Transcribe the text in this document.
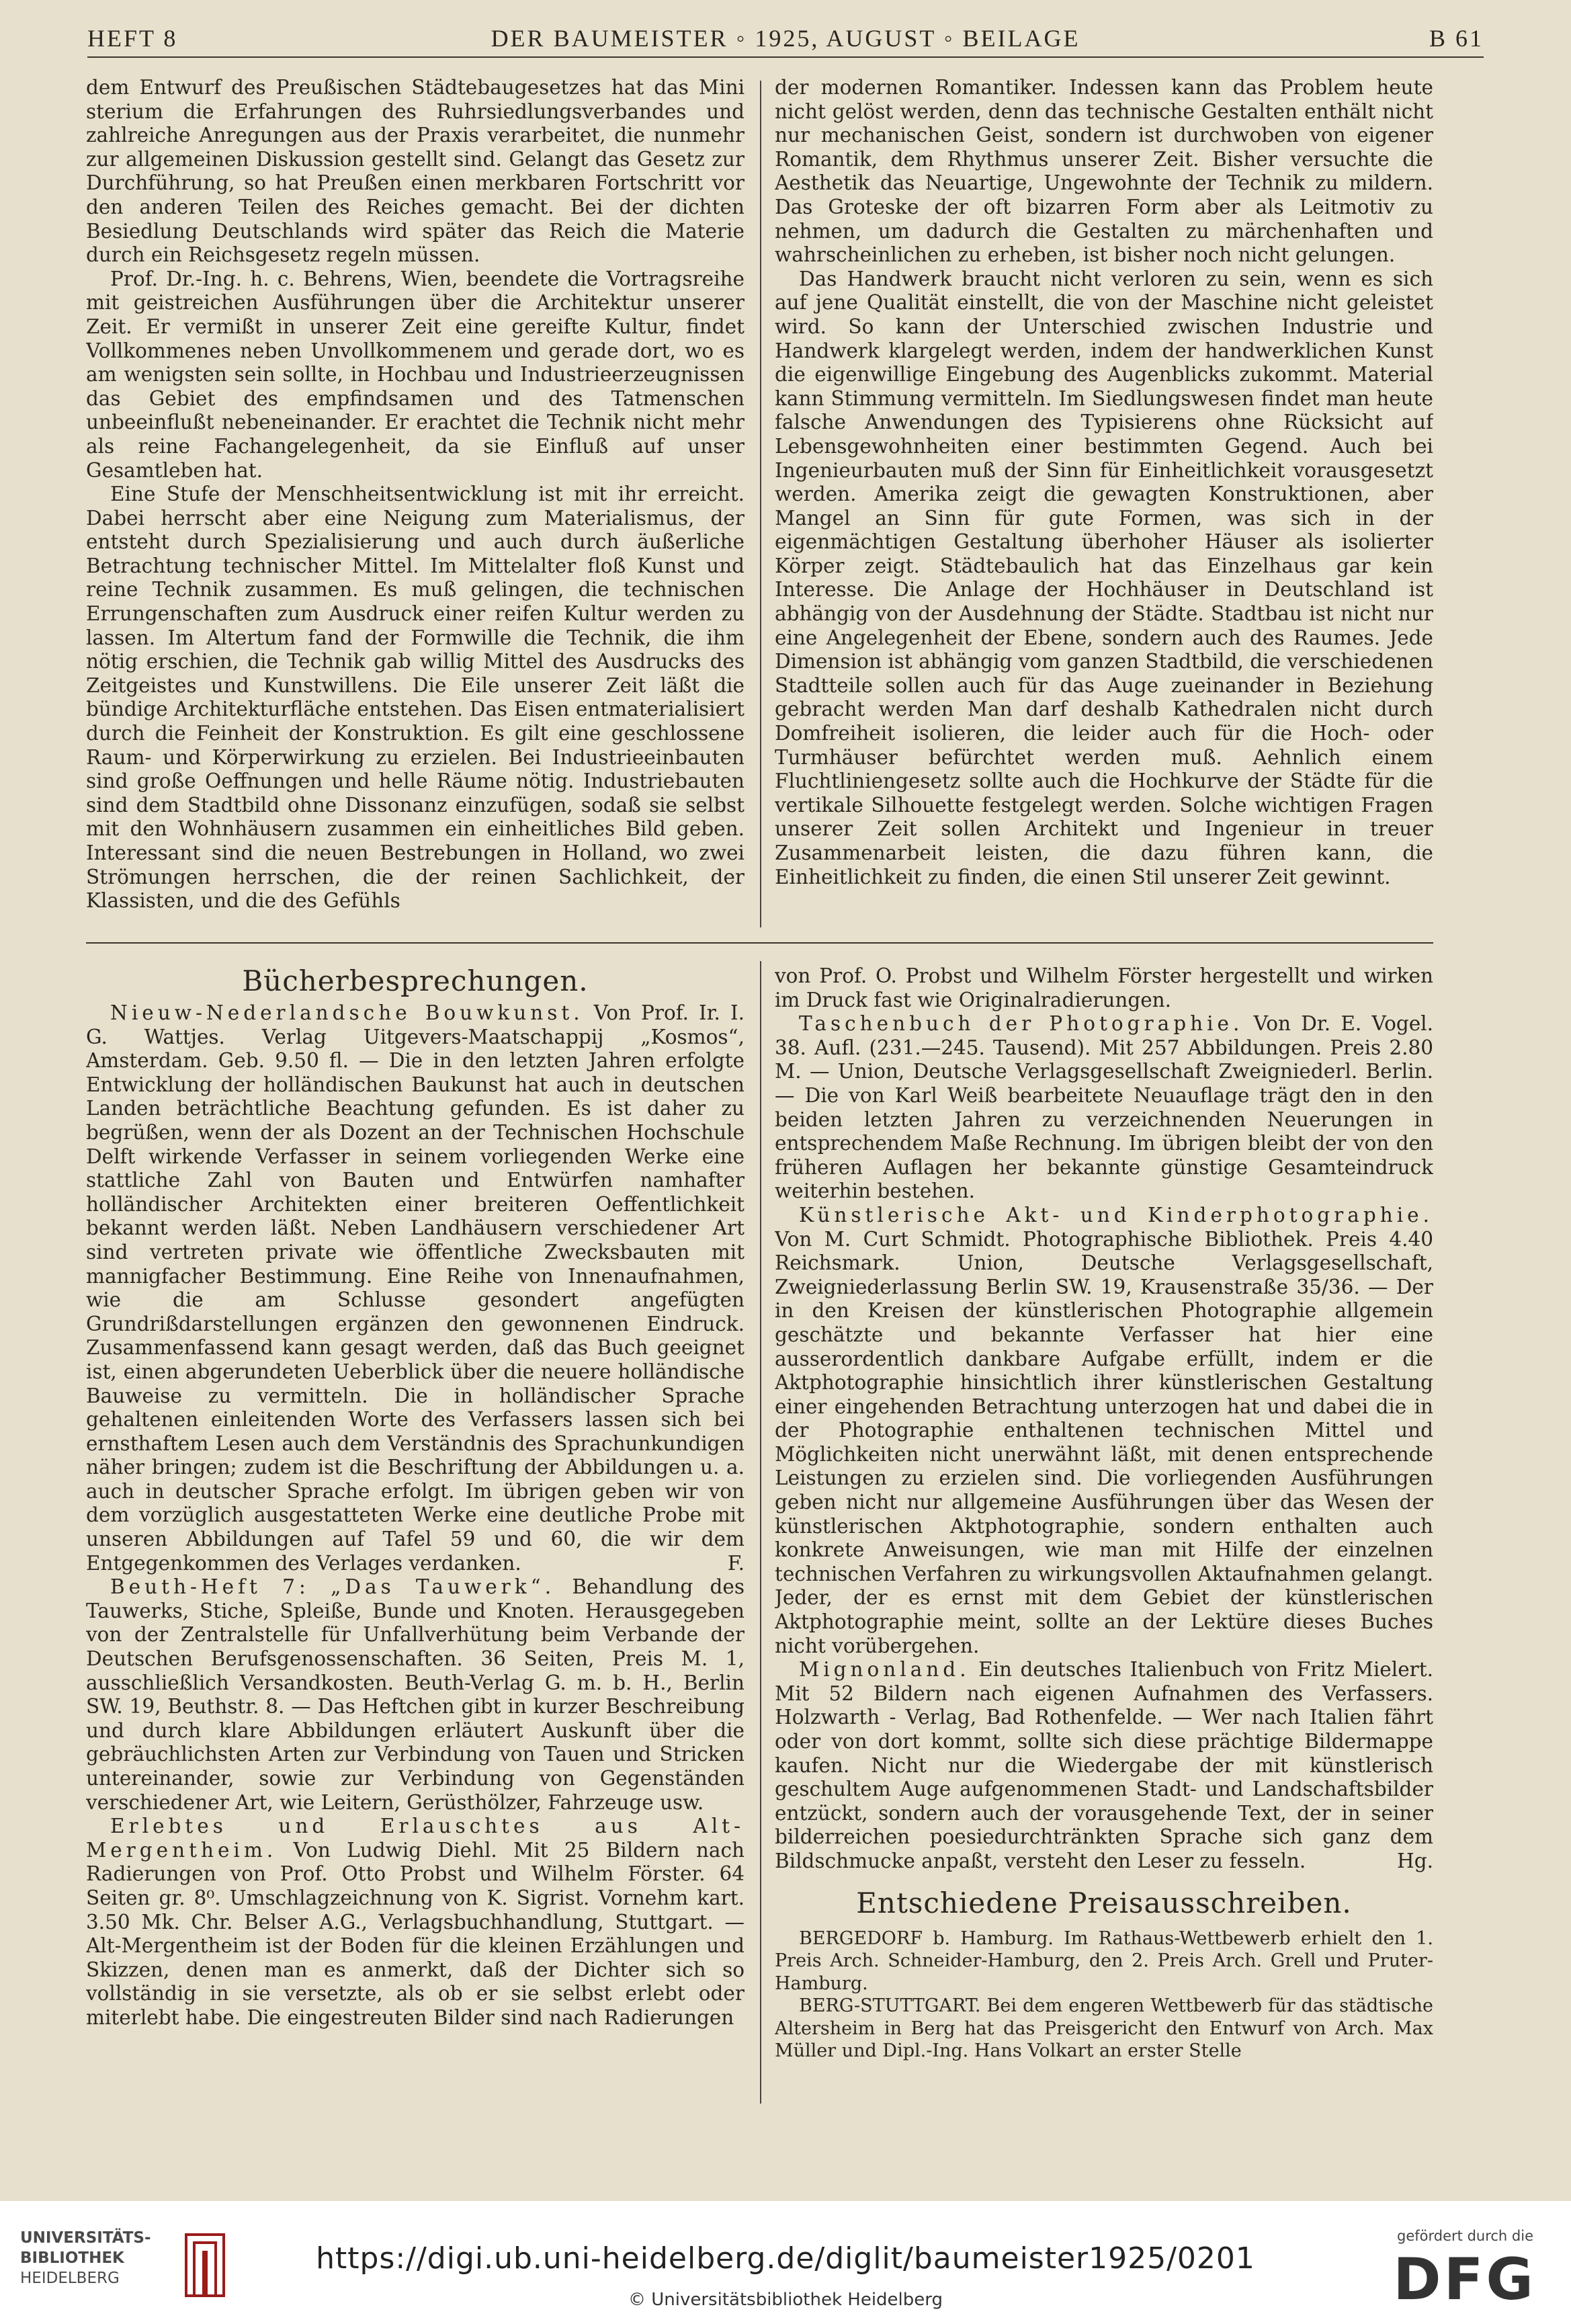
HEFT 8	DER BAUMEISTER ◦ 1925, AUGUST ◦ BEILAGE	B 61

dem Entwurf des Preußischen Städtebaugesetzes hat das Mini sterium die Erfahrungen des Ruhrsiedlungsverbandes und zahlreiche Anregungen aus der Praxis verarbeitet, die nunmehr zur allgemeinen Diskussion gestellt sind. Gelangt das Gesetz zur Durchführung, so hat Preußen einen merkbaren Fortschritt vor den anderen Teilen des Reiches gemacht. Bei der dichten Besiedlung Deutschlands wird später das Reich die Materie durch ein Reichsgesetz regeln müssen.

Prof. Dr.-Ing. h. c. Behrens, Wien, beendete die Vortragsreihe mit geistreichen Ausführungen über die Architektur unserer Zeit. Er vermißt in unserer Zeit eine gereifte Kultur, findet Vollkommenes neben Unvollkommenem und gerade dort, wo es am wenigsten sein sollte, in Hochbau und Industrieerzeugnissen das Gebiet des empfindsamen und des Tatmenschen unbeeinflußt nebeneinander. Er erachtet die Technik nicht mehr als reine Fachangelegenheit, da sie Einfluß auf unser Gesamtleben hat.

Eine Stufe der Menschheitsentwicklung ist mit ihr erreicht. Dabei herrscht aber eine Neigung zum Materialismus, der entsteht durch Spezialisierung und auch durch äußerliche Betrachtung technischer Mittel. Im Mittelalter floß Kunst und reine Technik zusammen. Es muß gelingen, die technischen Errungenschaften zum Ausdruck einer reifen Kultur werden zu lassen. Im Altertum fand der Formwille die Technik, die ihm nötig erschien, die Technik gab willig Mittel des Ausdrucks des Zeitgeistes und Kunstwillens. Die Eile unserer Zeit läßt die bündige Architekturfläche entstehen. Das Eisen entmaterialisiert durch die Feinheit der Konstruktion. Es gilt eine geschlossene Raum- und Körperwirkung zu erzielen. Bei Industrieeinbauten sind große Oeffnungen und helle Räume nötig. Industriebauten sind dem Stadtbild ohne Dissonanz einzufügen, sodaß sie selbst mit den Wohnhäusern zusammen ein einheitliches Bild geben. Interessant sind die neuen Bestrebungen in Holland, wo zwei Strömungen herrschen, die der reinen Sachlichkeit, der Klassisten, und die des Gefühls

der modernen Romantiker. Indessen kann das Problem heute nicht gelöst werden, denn das technische Gestalten enthält nicht nur mechanischen Geist, sondern ist durchwoben von eigener Romantik, dem Rhythmus unserer Zeit. Bisher versuchte die Aesthetik das Neuartige, Ungewohnte der Technik zu mildern. Das Groteske der oft bizarren Form aber als Leitmotiv zu nehmen, um dadurch die Gestalten zu märchenhaften und wahrscheinlichen zu erheben, ist bisher noch nicht gelungen.

Das Handwerk braucht nicht verloren zu sein, wenn es sich auf jene Qualität einstellt, die von der Maschine nicht geleistet wird. So kann der Unterschied zwischen Industrie und Handwerk klargelegt werden, indem der handwerklichen Kunst die eigenwillige Eingebung des Augenblicks zukommt. Material kann Stimmung vermitteln. Im Siedlungswesen findet man heute falsche Anwendungen des Typisierens ohne Rücksicht auf Lebensgewohnheiten einer bestimmten Gegend. Auch bei Ingenieurbauten muß der Sinn für Einheitlichkeit vorausgesetzt werden. Amerika zeigt die gewagten Konstruktionen, aber Mangel an Sinn für gute Formen, was sich in der eigenmächtigen Gestaltung überhoher Häuser als isolierter Körper zeigt. Städtebaulich hat das Einzelhaus gar kein Interesse. Die Anlage der Hochhäuser in Deutschland ist abhängig von der Ausdehnung der Städte. Stadtbau ist nicht nur eine Angelegenheit der Ebene, sondern auch des Raumes. Jede Dimension ist abhängig vom ganzen Stadtbild, die verschiedenen Stadtteile sollen auch für das Auge zueinander in Beziehung gebracht werden Man darf deshalb Kathedralen nicht durch Domfreiheit isolieren, die leider auch für die Hoch- oder Turmhäuser befürchtet werden muß. Aehnlich einem Fluchtliniengesetz sollte auch die Hochkurve der Städte für die vertikale Silhouette festgelegt werden. Solche wichtigen Fragen unserer Zeit sollen Architekt und Ingenieur in treuer Zusammenarbeit leisten, die dazu führen kann, die Einheitlichkeit zu finden, die einen Stil unserer Zeit gewinnt.

Bücherbesprechungen.

Nieuw-Nederlandsche Bouwkunst. Von Prof. Ir. I. G. Wattjes. Verlag Uitgevers-Maatschappij „Kosmos“, Amsterdam. Geb. 9.50 fl. — Die in den letzten Jahren erfolgte Entwicklung der holländischen Baukunst hat auch in deutschen Landen beträchtliche Beachtung gefunden. Es ist daher zu begrüßen, wenn der als Dozent an der Technischen Hochschule Delft wirkende Verfasser in seinem vorliegenden Werke eine stattliche Zahl von Bauten und Entwürfen namhafter holländischer Architekten einer breiteren Oeffentlichkeit bekannt werden läßt. Neben Landhäusern verschiedener Art sind vertreten private wie öffentliche Zwecksbauten mit mannigfacher Bestimmung. Eine Reihe von Innenaufnahmen, wie die am Schlusse gesondert angefügten Grundrißdarstellungen ergänzen den gewonnenen Eindruck. Zusammenfassend kann gesagt werden, daß das Buch geeignet ist, einen abgerundeten Ueberblick über die neuere holländische Bauweise zu vermitteln. Die in holländischer Sprache gehaltenen einleitenden Worte des Verfassers lassen sich bei ernsthaftem Lesen auch dem Verständnis des Sprachunkundigen näher bringen; zudem ist die Beschriftung der Abbildungen u. a. auch in deutscher Sprache erfolgt. Im übrigen geben wir von dem vorzüglich ausgestatteten Werke eine deutliche Probe mit unseren Abbildungen auf Tafel 59 und 60, die wir dem Entgegenkommen des Verlages verdanken.	F.

Beuth-Heft 7: „Das Tauwerk“. Behandlung des Tauwerks, Stiche, Spleiße, Bunde und Knoten. Herausgegeben von der Zentralstelle für Unfallverhütung beim Verbande der Deutschen Berufsgenossenschaften. 36 Seiten, Preis M. 1, ausschließlich Versandkosten. Beuth-Verlag G. m. b. H., Berlin SW. 19, Beuthstr. 8. — Das Heftchen gibt in kurzer Beschreibung und durch klare Abbildungen erläutert Auskunft über die gebräuchlichsten Arten zur Verbindung von Tauen und Stricken untereinander, sowie zur Verbindung von Gegenständen verschiedener Art, wie Leitern, Gerüsthölzer, Fahrzeuge usw.

Erlebtes und Erlauschtes aus Alt-Mergentheim. Von Ludwig Diehl. Mit 25 Bildern nach Radierungen von Prof. Otto Probst und Wilhelm Förster. 64 Seiten gr. 8⁰. Umschlagzeichnung von K. Sigrist. Vornehm kart. 3.50 Mk. Chr. Belser A.G., Verlagsbuchhandlung, Stuttgart. — Alt-Mergentheim ist der Boden für die kleinen Erzählungen und Skizzen, denen man es anmerkt, daß der Dichter sich so vollständig in sie versetzte, als ob er sie selbst erlebt oder miterlebt habe. Die eingestreuten Bilder sind nach Radierungen

von Prof. O. Probst und Wilhelm Förster hergestellt und wirken im Druck fast wie Originalradierungen.

Taschenbuch der Photographie. Von Dr. E. Vogel. 38. Aufl. (231.—245. Tausend). Mit 257 Abbildungen. Preis 2.80 M. — Union, Deutsche Verlagsgesellschaft Zweigniederl. Berlin. — Die von Karl Weiß bearbeitete Neuauflage trägt den in den beiden letzten Jahren zu verzeichnenden Neuerungen in entsprechendem Maße Rechnung. Im übrigen bleibt der von den früheren Auflagen her bekannte günstige Gesamteindruck weiterhin bestehen.

Künstlerische Akt- und Kinderphotographie. Von M. Curt Schmidt. Photographische Bibliothek. Preis 4.40 Reichsmark. Union, Deutsche Verlagsgesellschaft, Zweigniederlassung Berlin SW. 19, Krausenstraße 35/36. — Der in den Kreisen der künstlerischen Photographie allgemein geschätzte und bekannte Verfasser hat hier eine ausserordentlich dankbare Aufgabe erfüllt, indem er die Aktphotographie hinsichtlich ihrer künstlerischen Gestaltung einer eingehenden Betrachtung unterzogen hat und dabei die in der Photographie enthaltenen technischen Mittel und Möglichkeiten nicht unerwähnt läßt, mit denen entsprechende Leistungen zu erzielen sind. Die vorliegenden Ausführungen geben nicht nur allgemeine Ausführungen über das Wesen der künstlerischen Aktphotographie, sondern enthalten auch konkrete Anweisungen, wie man mit Hilfe der einzelnen technischen Verfahren zu wirkungsvollen Aktaufnahmen gelangt. Jeder, der es ernst mit dem Gebiet der künstlerischen Aktphotographie meint, sollte an der Lektüre dieses Buches nicht vorübergehen.

Mignonland. Ein deutsches Italienbuch von Fritz Mielert. Mit 52 Bildern nach eigenen Aufnahmen des Verfassers. Holzwarth - Verlag, Bad Rothenfelde. — Wer nach Italien fährt oder von dort kommt, sollte sich diese prächtige Bildermappe kaufen. Nicht nur die Wiedergabe der mit künstlerisch geschultem Auge aufgenommenen Stadt- und Landschaftsbilder entzückt, sondern auch der vorausgehende Text, der in seiner bilderreichen poesiedurchtränkten Sprache sich ganz dem Bildschmucke anpaßt, versteht den Leser zu fesseln.	Hg.

Entschiedene Preisausschreiben.

BERGEDORF b. Hamburg. Im Rathaus-Wettbewerb erhielt den 1. Preis Arch. Schneider-Hamburg, den 2. Preis Arch. Grell und Pruter-Hamburg.

BERG-STUTTGART. Bei dem engeren Wettbewerb für das städtische Altersheim in Berg hat das Preisgericht den Entwurf von Arch. Max Müller und Dipl.-Ing. Hans Volkart an erster Stelle

UNIVERSITÄTS-
BIBLIOTHEK
HEIDELBERG
https://digi.ub.uni-heidelberg.de/diglit/baumeister1925/0201
© Universitätsbibliothek Heidelberg
gefördert durch die
DFG
